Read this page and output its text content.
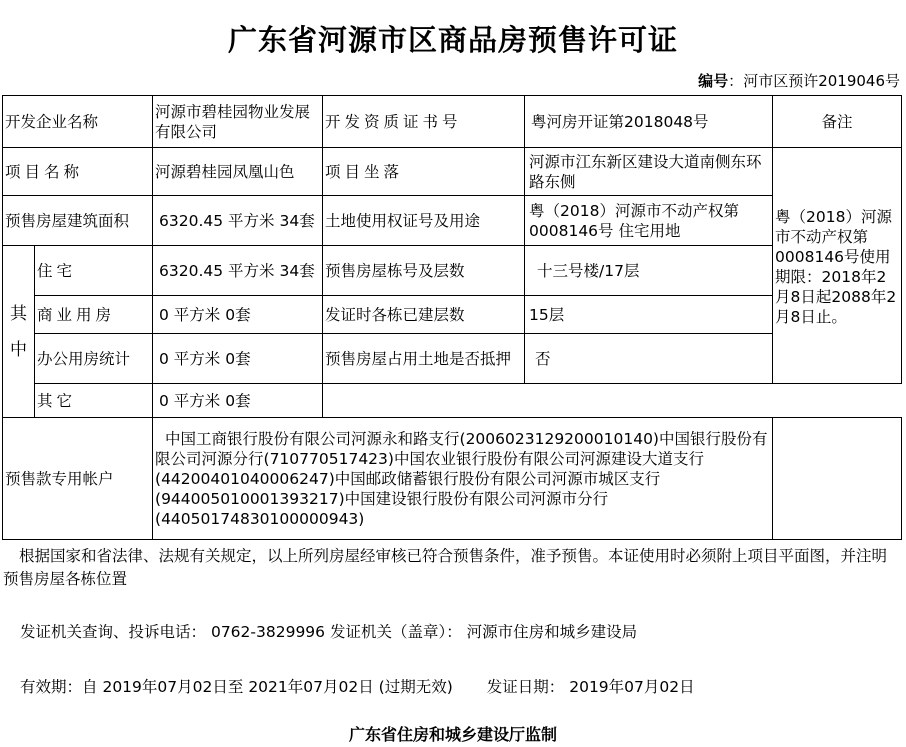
广东省河源市区商品房预售许可证
编号：河市区预许2019046号
开发企业名称		河源市碧桂园物业发展有限公司	开发资质证书号	粤河房开证第2018048号	备注	
项目名称		河源碧桂园凤凰山色	项目坐落	河源市江东新区建设大道南侧东环路东侧	粤（2018）河源市不动产权第0008146号使用期限：2018年2月8日起2088年2月8日止。	
预售房屋建筑面积		6320.45 平方米 34套	土地使用权证号及用途	粤（2018）河源市不动产权第0008146号 住宅用地		
其中	住宅	6320.45 平方米 34套	预售房屋栋号及层数	十三号楼/17层		
	商业用房	0 平方米 0套	发证时各栋已建层数	15层		
	办公用房统计	0 平方米 0套	预售房屋占用土地是否抵押	否		
	其它	0 平方米 0套				
预售款专用帐户		中国工商银行股份有限公司河源永和路支行(2006023129200010140)中国银行股份有限公司河源分行(710770517423)中国农业银行股份有限公司河源建设大道支行(44200401040006247)中国邮政储蓄银行股份有限公司河源市城区支行(944005010001393217)中国建设银行股份有限公司河源市分行(44050174830100000943)				
根据国家和省法律、法规有关规定，以上所列房屋经审核已符合预售条件，准予预售。本证使用时必须附上项目平面图，并注明预售房屋各栋位置
发证机关查询、投诉电话： 0762-3829996 发证机关（盖章）： 河源市住房和城乡建设局
有效期：自 2019年07月02日至 2021年07月02日 (过期无效) 发证日期： 2019年07月02日
广东省住房和城乡建设厅监制
